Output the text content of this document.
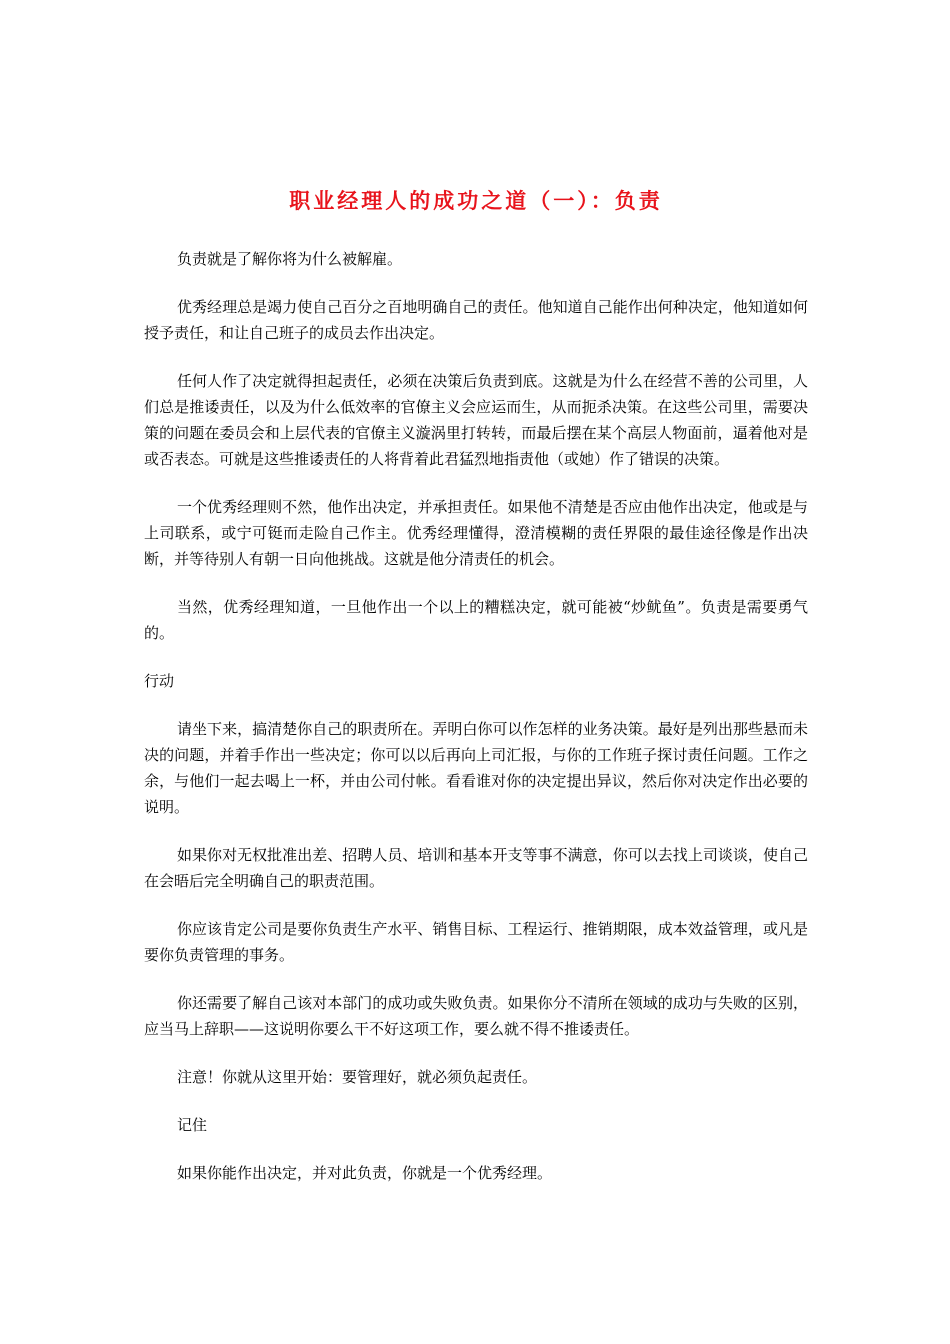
职业经理人的成功之道（一）：负责

负责就是了解你将为什么被解雇。

优秀经理总是竭力使自己百分之百地明确自己的责任。他知道自己能作出何种决定，他知道如何授予责任，和让自己班子的成员去作出决定。

任何人作了决定就得担起责任，必须在决策后负责到底。这就是为什么在经营不善的公司里，人们总是推诿责任，以及为什么低效率的官僚主义会应运而生，从而扼杀决策。在这些公司里，需要决策的问题在委员会和上层代表的官僚主义漩涡里打转转，而最后摆在某个高层人物面前，逼着他对是或否表态。可就是这些推诿责任的人将背着此君猛烈地指责他（或她）作了错误的决策。

一个优秀经理则不然，他作出决定，并承担责任。如果他不清楚是否应由他作出决定，他或是与上司联系，或宁可铤而走险自己作主。优秀经理懂得，澄清模糊的责任界限的最佳途径像是作出决断，并等待别人有朝一日向他挑战。这就是他分清责任的机会。

当然，优秀经理知道，一旦他作出一个以上的糟糕决定，就可能被“炒鱿鱼”。负责是需要勇气的。

行动

请坐下来，搞清楚你自己的职责所在。弄明白你可以作怎样的业务决策。最好是列出那些悬而未决的问题，并着手作出一些决定；你可以以后再向上司汇报，与你的工作班子探讨责任问题。工作之余，与他们一起去喝上一杯，并由公司付帐。看看谁对你的决定提出异议，然后你对决定作出必要的说明。

如果你对无权批准出差、招聘人员、培训和基本开支等事不满意，你可以去找上司谈谈，使自己在会晤后完全明确自己的职责范围。

你应该肯定公司是要你负责生产水平、销售目标、工程运行、推销期限，成本效益管理，或凡是要你负责管理的事务。

你还需要了解自己该对本部门的成功或失败负责。如果你分不清所在领域的成功与失败的区别，应当马上辞职——这说明你要么干不好这项工作，要么就不得不推诿责任。

注意！你就从这里开始：要管理好，就必须负起责任。

记住

如果你能作出决定，并对此负责，你就是一个优秀经理。
